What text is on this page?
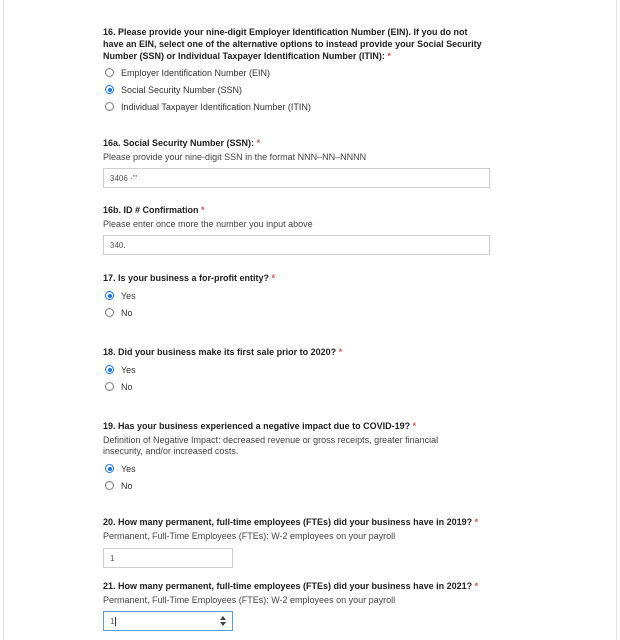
16. Please provide your nine-digit Employer Identification Number (EIN). If you do not
have an EIN, select one of the alternative options to instead provide your Social Security
Number (SSN) or Individual Taxpayer Identification Number (ITIN): *
Employer Identification Number (EIN)
Social Security Number (SSN)
Individual Taxpayer Identification Number (ITIN)
16a. Social Security Number (SSN): *
Please provide your nine-digit SSN in the format NNN–NN–NNNN
3406 ·'''
16b. ID # Confirmation *
Please enter once more the number you input above
340.
17. Is your business a for-profit entity? *
Yes
No
18. Did your business make its first sale prior to 2020? *
Yes
No
19. Has your business experienced a negative impact due to COVID-19? *
Definition of Negative Impact: decreased revenue or gross receipts, greater financial
insecurity, and/or increased costs.
Yes
No
20. How many permanent, full-time employees (FTEs) did your business have in 2019? *
Permanent, Full-Time Employees (FTEs): W-2 employees on your payroll
1
21. How many permanent, full-time employees (FTEs) did your business have in 2021? *
Permanent, Full-Time Employees (FTEs): W-2 employees on your payroll
1
